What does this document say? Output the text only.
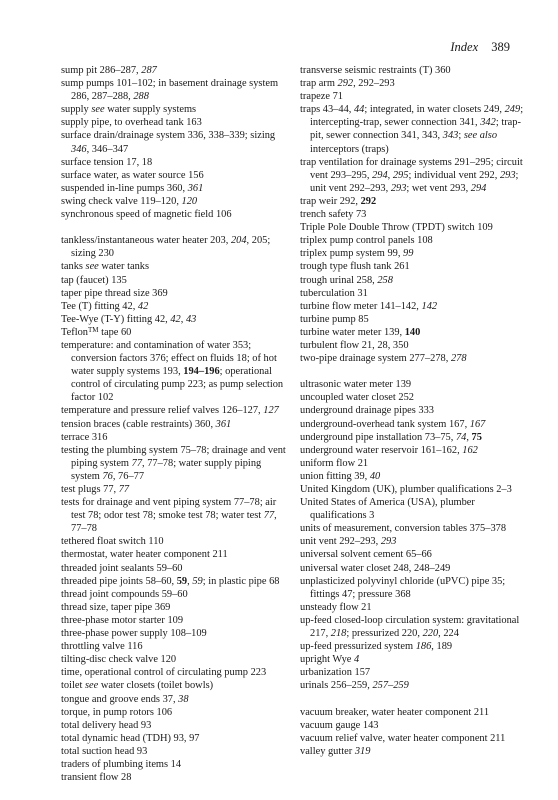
Index 389
sump pit 286–287, 287
sump pumps 101–102; in basement drainage system 286, 287–288, 288
supply see water supply systems
supply pipe, to overhead tank 163
surface drain/drainage system 336, 338–339; sizing 346, 346–347
surface tension 17, 18
surface water, as water source 156
suspended in-line pumps 360, 361
swing check valve 119–120, 120
synchronous speed of magnetic field 106
tankless/instantaneous water heater 203, 204, 205; sizing 230
tanks see water tanks
tap (faucet) 135
taper pipe thread size 369
Tee (T) fitting 42, 42
Tee-Wye (T-Y) fitting 42, 42, 43
Teflon™ tape 60
temperature: and contamination of water 353; conversion factors 376; effect on fluids 18; of hot water supply systems 193, 194–196; operational control of circulating pump 223; as pump selection factor 102
temperature and pressure relief valves 126–127, 127
tension braces (cable restraints) 360, 361
terrace 316
testing the plumbing system 75–78; drainage and vent piping system 77, 77–78; water supply piping system 76, 76–77
test plugs 77, 77
tests for drainage and vent piping system 77–78; air test 78; odor test 78; smoke test 78; water test 77, 77–78
tethered float switch 110
thermostat, water heater component 211
threaded joint sealants 59–60
threaded pipe joints 58–60, 59, 59; in plastic pipe 68
thread joint compounds 59–60
thread size, taper pipe 369
three-phase motor starter 109
three-phase power supply 108–109
throttling valve 116
tilting-disc check valve 120
time, operational control of circulating pump 223
toilet see water closets (toilet bowls)
tongue and groove ends 37, 38
torque, in pump rotors 106
total delivery head 93
total dynamic head (TDH) 93, 97
total suction head 93
traders of plumbing items 14
transient flow 28
transverse seismic restraints (T) 360
trap arm 292, 292–293
trapeze 71
traps 43–44, 44; integrated, in water closets 249, 249; intercepting-trap, sewer connection 341, 342; trap-pit, sewer connection 341, 343, 343; see also interceptors (traps)
trap ventilation for drainage systems 291–295; circuit vent 293–295, 294, 295; individual vent 292, 293; unit vent 292–293, 293; wet vent 293, 294
trap weir 292, 292
trench safety 73
Triple Pole Double Throw (TPDT) switch 109
triplex pump control panels 108
triplex pump system 99, 99
trough type flush tank 261
trough urinal 258, 258
tuberculation 31
turbine flow meter 141–142, 142
turbine pump 85
turbine water meter 139, 140
turbulent flow 21, 28, 350
two-pipe drainage system 277–278, 278
ultrasonic water meter 139
uncoupled water closet 252
underground drainage pipes 333
underground-overhead tank system 167, 167
underground pipe installation 73–75, 74, 75
underground water reservoir 161–162, 162
uniform flow 21
union fitting 39, 40
United Kingdom (UK), plumber qualifications 2–3
United States of America (USA), plumber qualifications 3
units of measurement, conversion tables 375–378
unit vent 292–293, 293
universal solvent cement 65–66
universal water closet 248, 248–249
unplasticized polyvinyl chloride (uPVC) pipe 35; fittings 47; pressure 368
unsteady flow 21
up-feed closed-loop circulation system: gravitational 217, 218; pressurized 220, 220, 224
up-feed pressurized system 186, 189
upright Wye 4
urbanization 157
urinals 256–259, 257–259
vacuum breaker, water heater component 211
vacuum gauge 143
vacuum relief valve, water heater component 211
valley gutter 319
